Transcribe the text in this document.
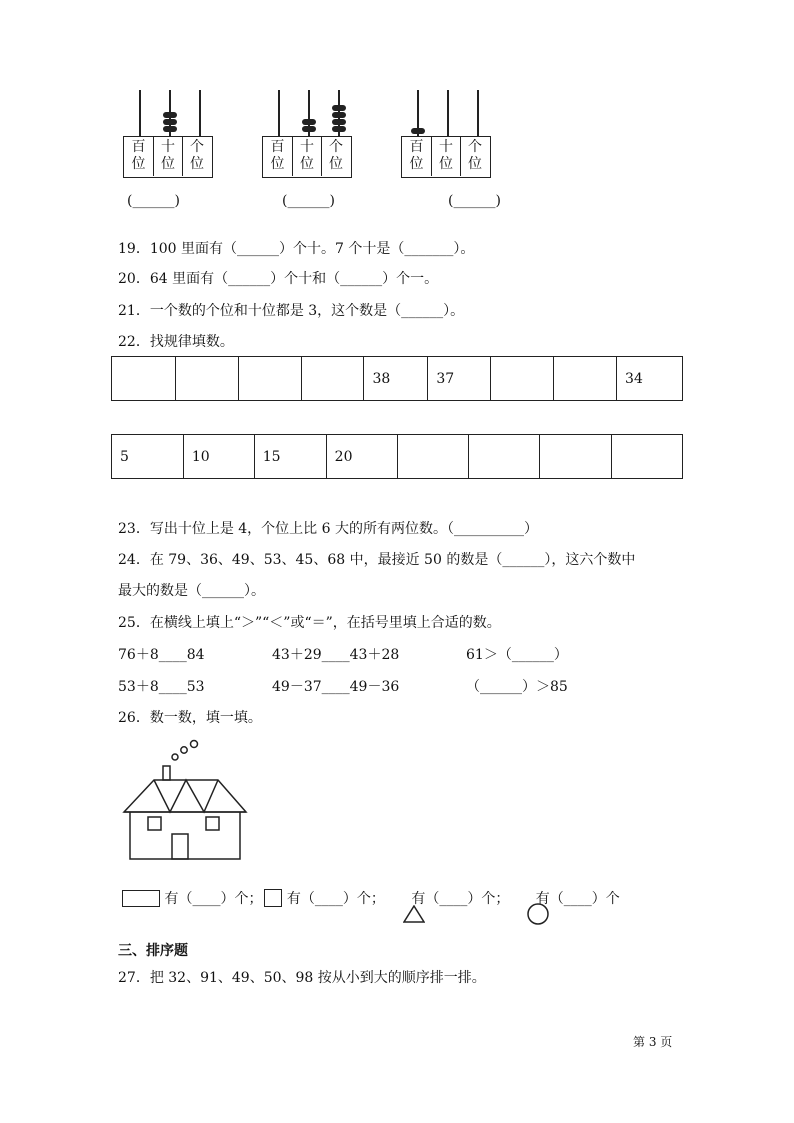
百
位
十
位
个
位
百
位
十
位
个
位
百
位
十
位
个
位
(______)	(______)	(______)
19．100 里面有（______）个十。7 个十是（_______）。
20．64 里面有（______）个十和（______）个一。
21．一个数的个位和十位都是 3，这个数是（______）。
22．找规律填数。
				38	37			34
5	10	15	20				
23．写出十位上是 4，个位上比 6 大的所有两位数。（__________）
24．在 79、36、49、53、45、68 中，最接近 50 的数是（______），这六个数中
最大的数是（______）。
25．在横线上填上“＞”“＜”或“＝”，在括号里填上合适的数。
76＋8____84	43＋29____43＋28	61＞（______）
53＋8____53	49－37____49－36	（______）＞85
26．数一数，填一填。
有（____）个； 有（____）个；

有（____）个；

有（____）个
三、排序题
27．把 32、91、49、50、98 按从小到大的顺序排一排。
第 3 页
